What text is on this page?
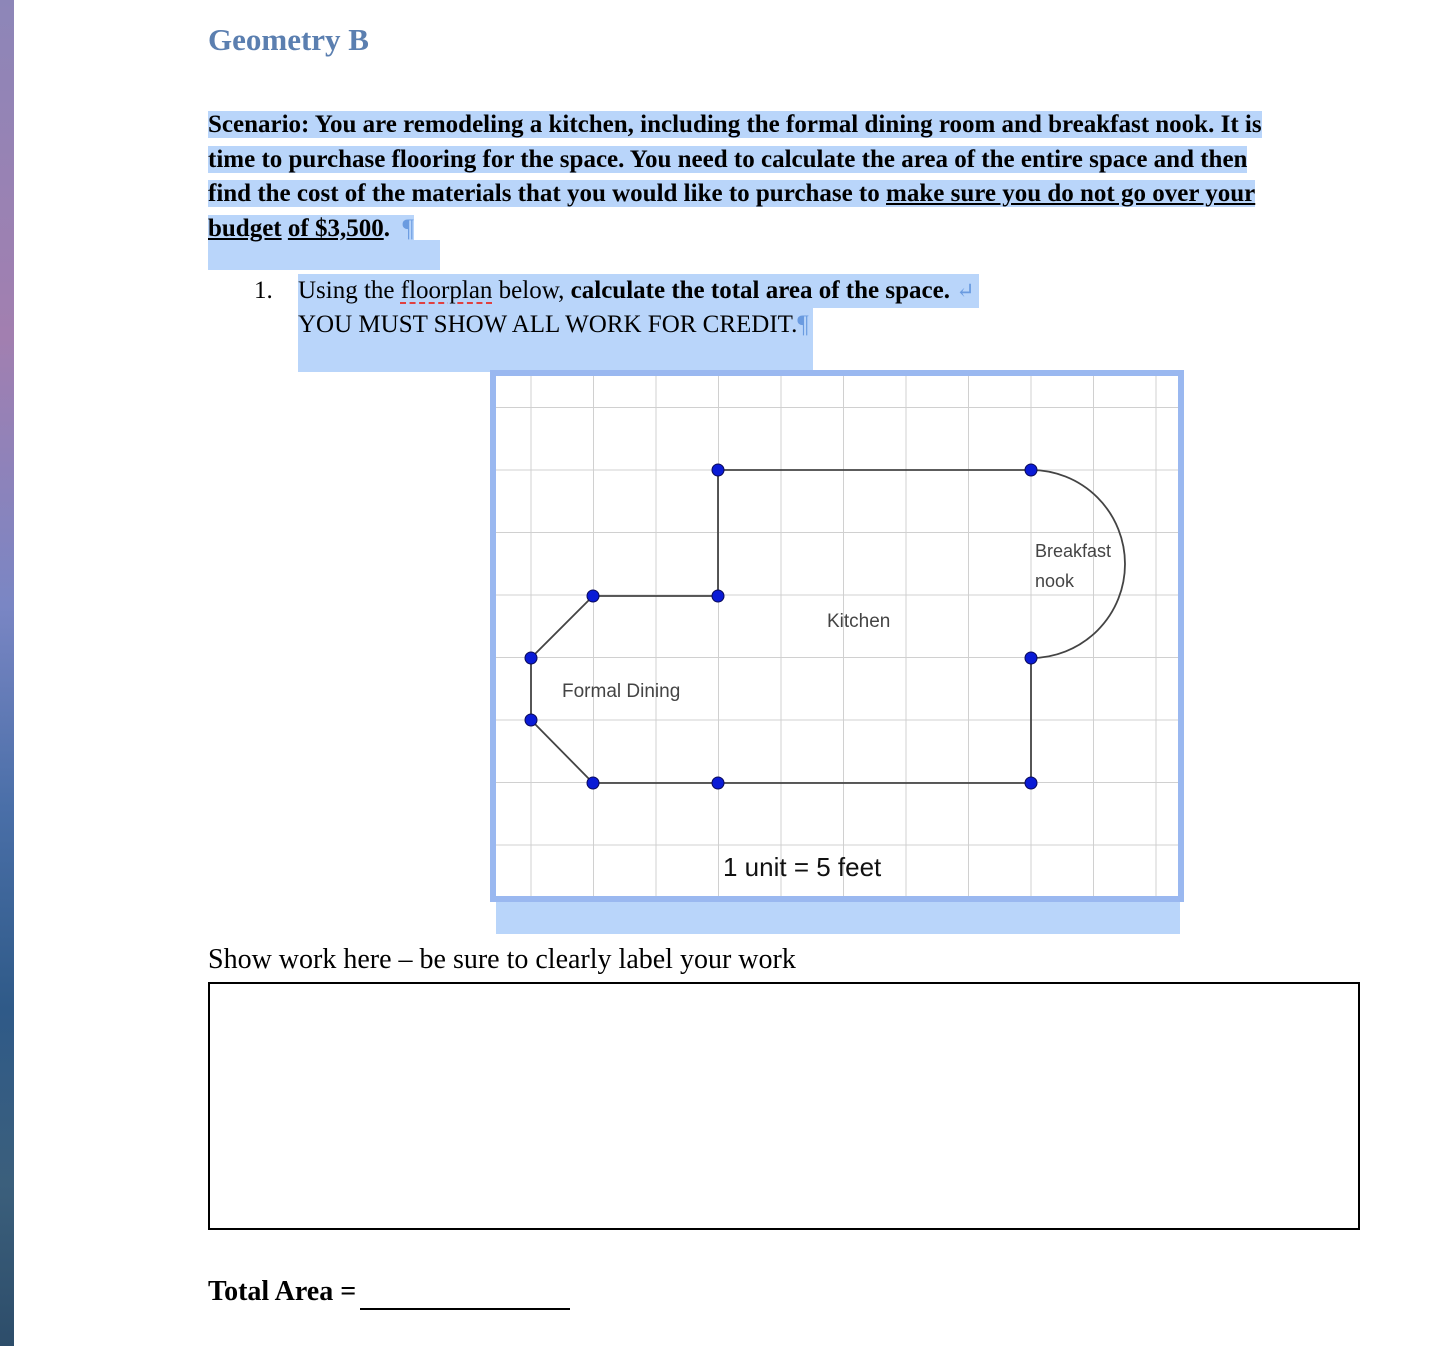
Geometry B
Scenario: You are remodeling a kitchen, including the formal dining room and breakfast nook. It is
time to purchase flooring for the space. You need to calculate the area of the entire space and then
find the cost of the materials that you would like to purchase to make sure you do not go over your
budget of $3,500. ¶
1. Using the floorplan below, calculate the total area of the space. ↵
YOU MUST SHOW ALL WORK FOR CREDIT.¶
Kitchen
Formal Dining
Breakfast
nook
1 unit = 5 feet
Show work here – be sure to clearly label your work
Total Area =
